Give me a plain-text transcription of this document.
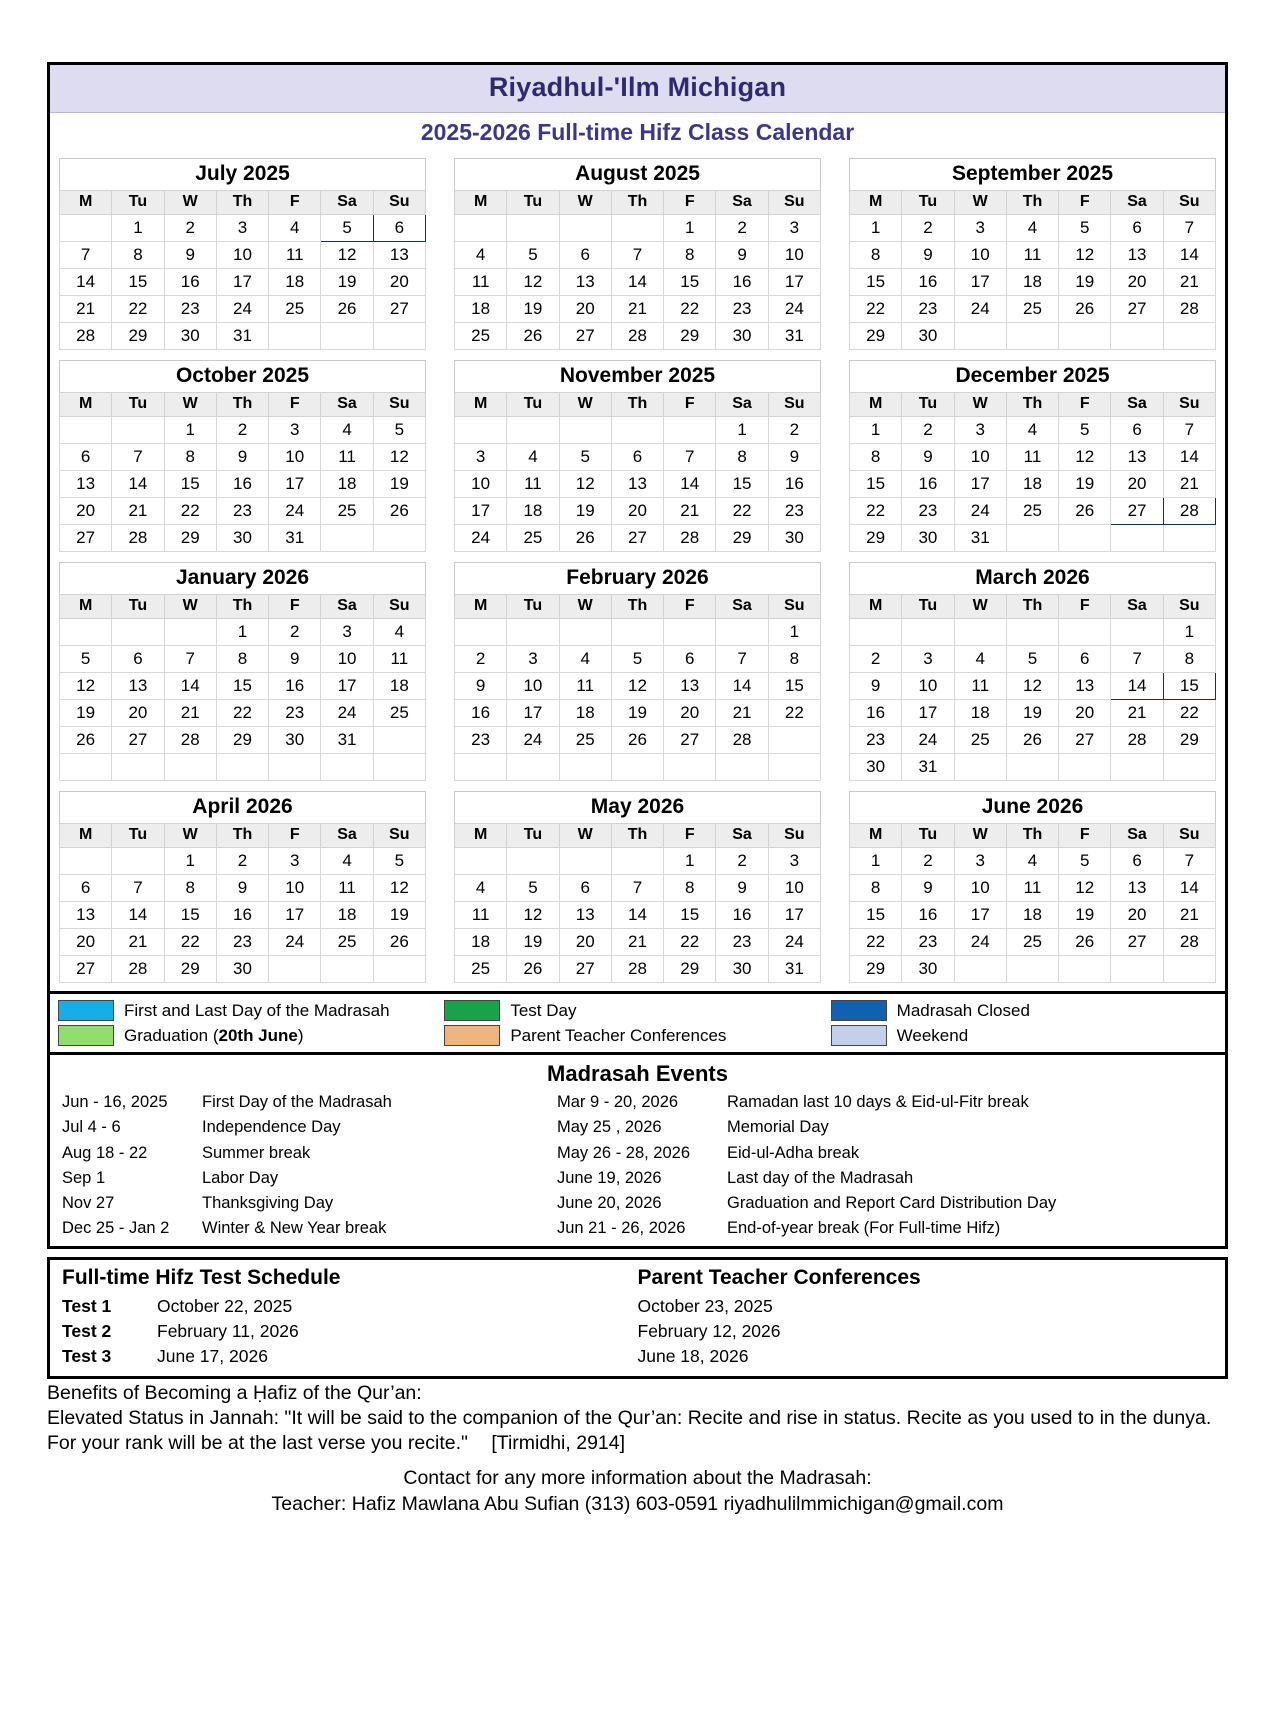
Riyadhul-'Ilm Michigan
2025-2026 Full-time Hifz Class Calendar
July 2025
M	Tu	W	Th	F	Sa	Su
	1	2	3	4	5	6
7	8	9	10	11	12	13
14	15	16	17	18	19	20
21	22	23	24	25	26	27
28	29	30	31			
August 2025
M	Tu	W	Th	F	Sa	Su
				1	2	3
4	5	6	7	8	9	10
11	12	13	14	15	16	17
18	19	20	21	22	23	24
25	26	27	28	29	30	31
September 2025
M	Tu	W	Th	F	Sa	Su
1	2	3	4	5	6	7
8	9	10	11	12	13	14
15	16	17	18	19	20	21
22	23	24	25	26	27	28
29	30					
October 2025
M	Tu	W	Th	F	Sa	Su
		1	2	3	4	5
6	7	8	9	10	11	12
13	14	15	16	17	18	19
20	21	22	23	24	25	26
27	28	29	30	31		
November 2025
M	Tu	W	Th	F	Sa	Su
					1	2
3	4	5	6	7	8	9
10	11	12	13	14	15	16
17	18	19	20	21	22	23
24	25	26	27	28	29	30
December 2025
M	Tu	W	Th	F	Sa	Su
1	2	3	4	5	6	7
8	9	10	11	12	13	14
15	16	17	18	19	20	21
22	23	24	25	26	27	28
29	30	31				
January 2026
M	Tu	W	Th	F	Sa	Su
			1	2	3	4
5	6	7	8	9	10	11
12	13	14	15	16	17	18
19	20	21	22	23	24	25
26	27	28	29	30	31	

February 2026
M	Tu	W	Th	F	Sa	Su
						1
2	3	4	5	6	7	8
9	10	11	12	13	14	15
16	17	18	19	20	21	22
23	24	25	26	27	28	

March 2026
M	Tu	W	Th	F	Sa	Su
						1
2	3	4	5	6	7	8
9	10	11	12	13	14	15
16	17	18	19	20	21	22
23	24	25	26	27	28	29
30	31					
April 2026
M	Tu	W	Th	F	Sa	Su
		1	2	3	4	5
6	7	8	9	10	11	12
13	14	15	16	17	18	19
20	21	22	23	24	25	26
27	28	29	30			
May 2026
M	Tu	W	Th	F	Sa	Su
				1	2	3
4	5	6	7	8	9	10
11	12	13	14	15	16	17
18	19	20	21	22	23	24
25	26	27	28	29	30	31
June 2026
M	Tu	W	Th	F	Sa	Su
1	2	3	4	5	6	7
8	9	10	11	12	13	14
15	16	17	18	19	20	21
22	23	24	25	26	27	28
29	30					
First and Last Day of the Madrasah
Graduation (20th June)
Test Day
Parent Teacher Conferences
Madrasah Closed
Weekend
Madrasah Events
Jun - 16, 2025	First Day of the Madrasah	Mar 9 - 20, 2026	Ramadan last 10 days & Eid-ul-Fitr break
Jul 4 - 6	Independence Day	May 25 , 2026	Memorial Day
Aug 18 - 22	Summer break	May 26 - 28, 2026	Eid-ul-Adha break
Sep 1	Labor Day	June 19, 2026	Last day of the Madrasah
Nov 27	Thanksgiving Day	June 20, 2026	Graduation and Report Card Distribution Day
Dec 25 - Jan 2	Winter & New Year break	Jun 21 - 26, 2026	End-of-year break (For Full-time Hifz)
Full-time Hifz Test Schedule
Test 1	October 22, 2025
Test 2	February 11, 2026
Test 3	June 17, 2026
Parent Teacher Conferences
October 23, 2025
February 12, 2026
June 18, 2026
Benefits of Becoming a Ḥafiz of the Qur’an:
Elevated Status in Jannah: "It will be said to the companion of the Qur’an: Recite and rise in status. Recite as you used to in the dunya. For your rank will be at the last verse you recite." [Tirmidhi, 2914]
Contact for any more information about the Madrasah:
Teacher: Hafiz Mawlana Abu Sufian (313) 603-0591 riyadhulilmmichigan@gmail.com
